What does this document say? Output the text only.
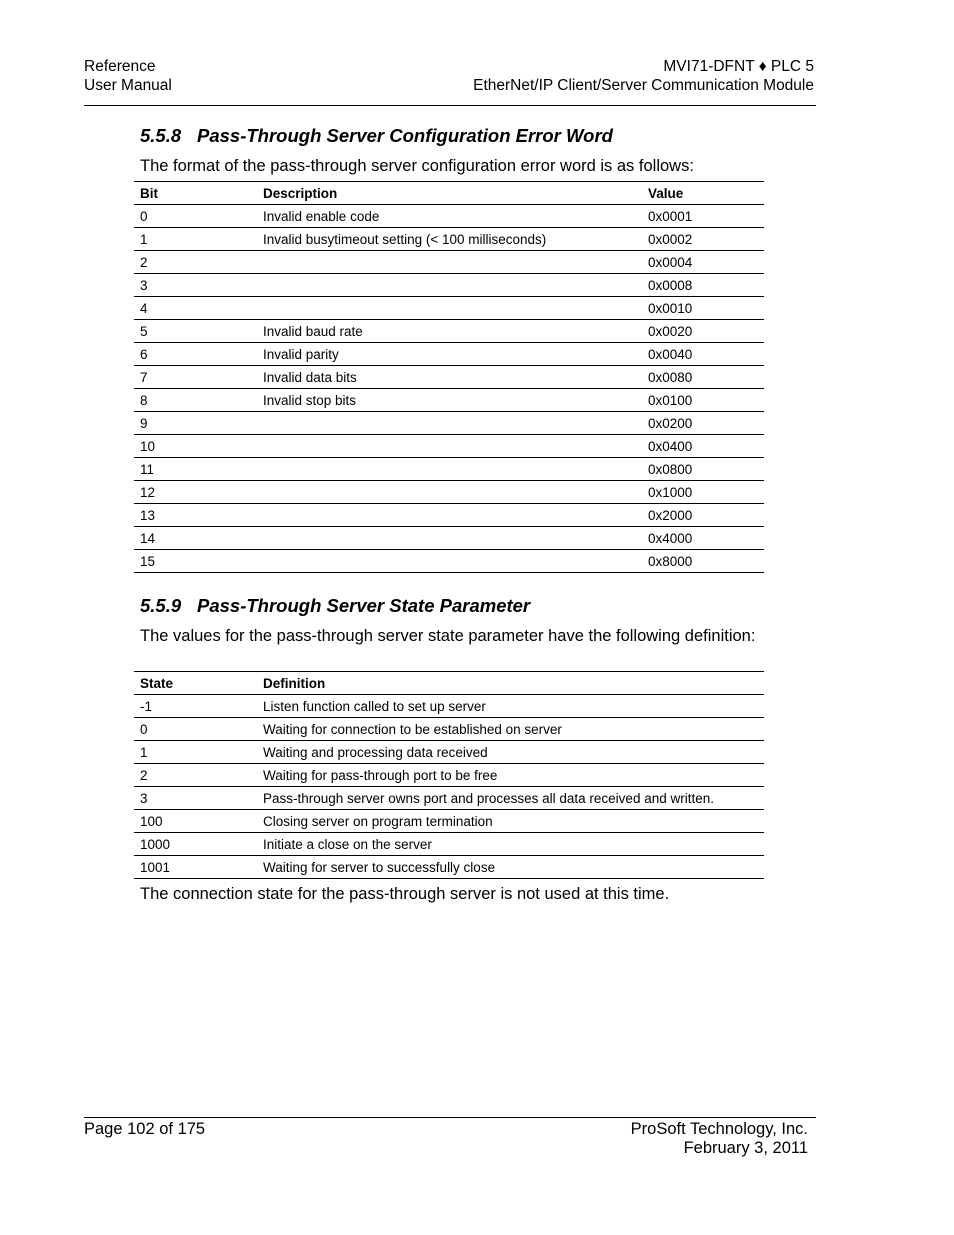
Reference
User Manual
MVI71-DFNT ♦ PLC 5
EtherNet/IP Client/Server Communication Module
5.5.8 Pass-Through Server Configuration Error Word

The format of the pass-through server configuration error word is as follows:

Bit	Description	Value
0	Invalid enable code	0x0001
1	Invalid busytimeout setting (< 100 milliseconds)	0x0002
2		0x0004
3		0x0008
4		0x0010
5	Invalid baud rate	0x0020
6	Invalid parity	0x0040
7	Invalid data bits	0x0080
8	Invalid stop bits	0x0100
9		0x0200
10		0x0400
11		0x0800
12		0x1000
13		0x2000
14		0x4000
15		0x8000
5.5.9 Pass-Through Server State Parameter

The values for the pass-through server state parameter have the following definition:

State	Definition
-1	Listen function called to set up server
0	Waiting for connection to be established on server
1	Waiting and processing data received
2	Waiting for pass-through port to be free
3	Pass-through server owns port and processes all data received and written.
100	Closing server on program termination
1000	Initiate a close on the server
1001	Waiting for server to successfully close

The connection state for the pass-through server is not used at this time.

Page 102 of 175	ProSoft Technology, Inc.
February 3, 2011
